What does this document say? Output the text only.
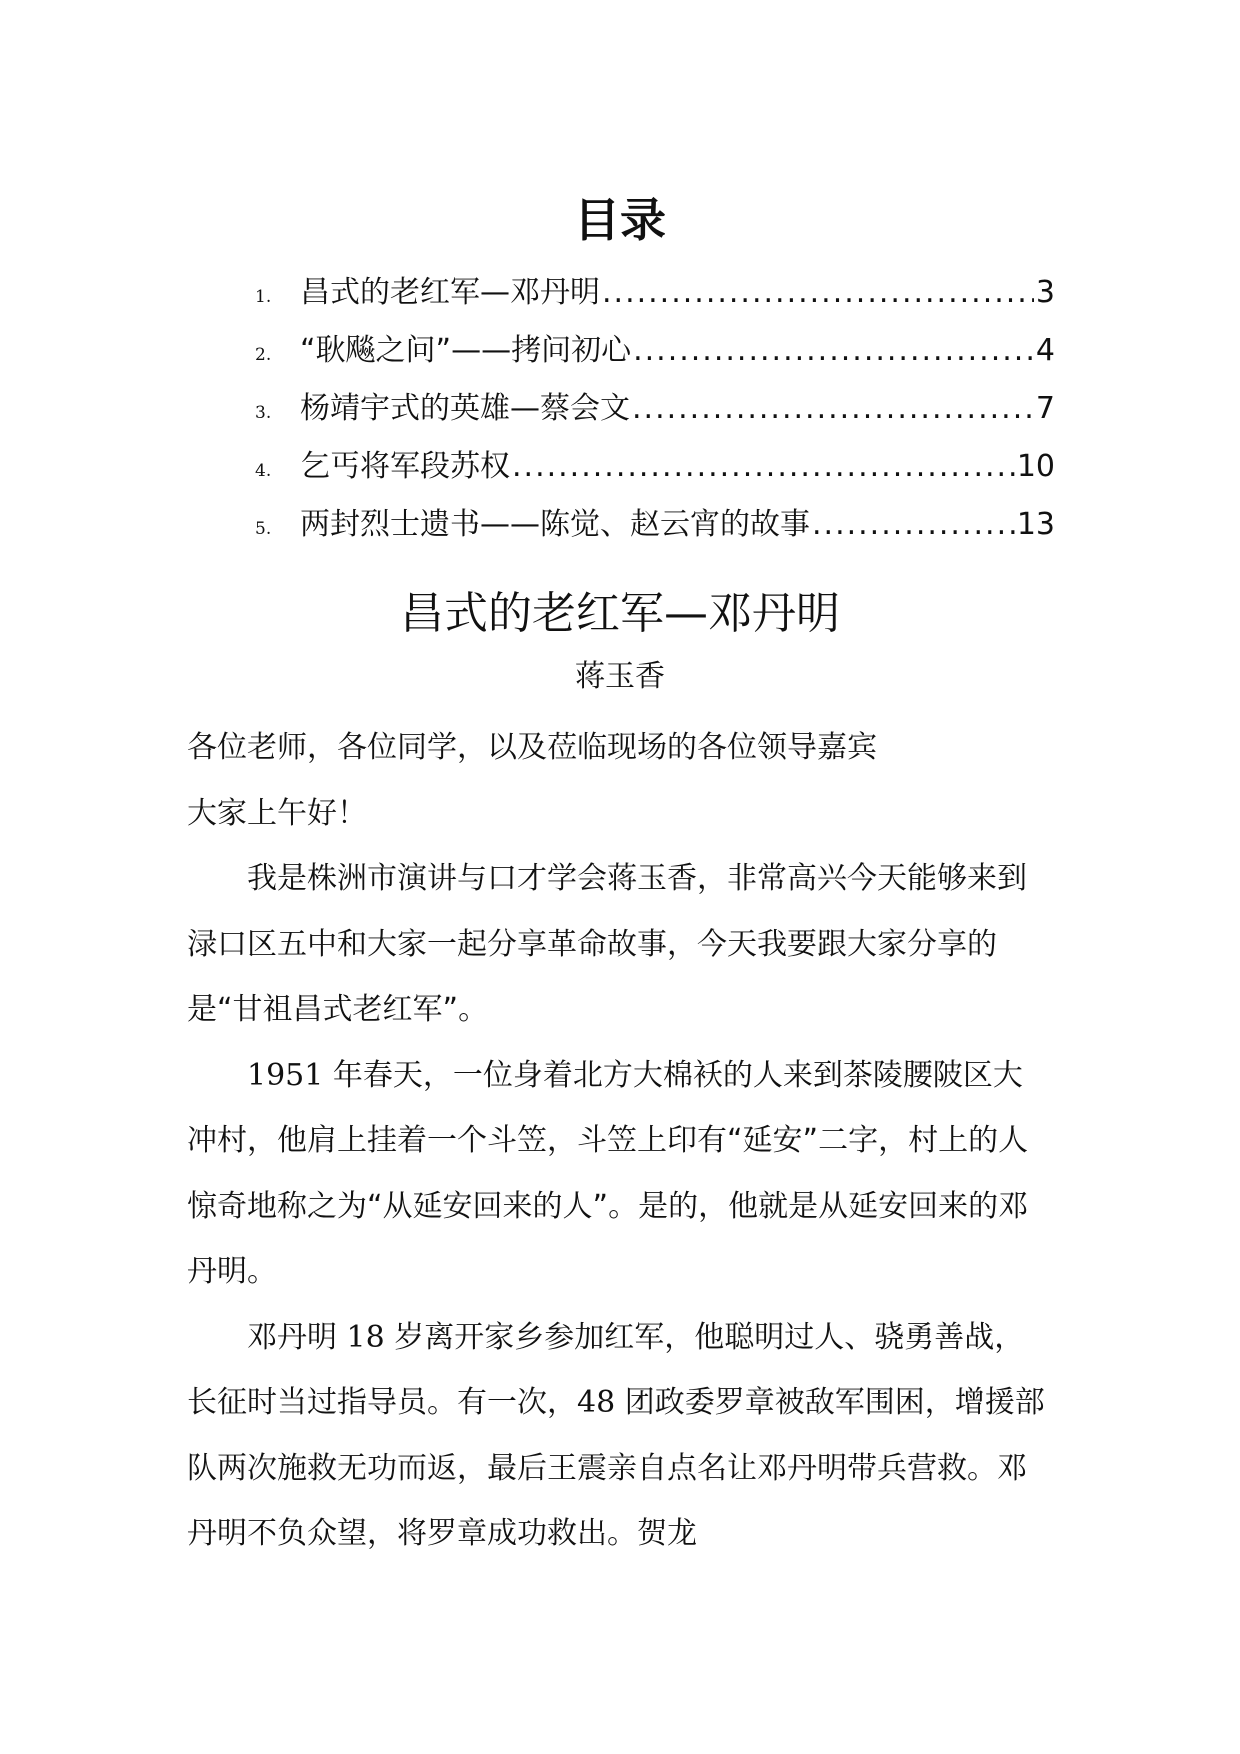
目录
1. 昌式的老红军—邓丹明 .....	3
2. “耿飚之问”——拷问初心 .....	4
3. 杨靖宇式的英雄—蔡会文 .....	7
4. 乞丐将军段苏权 .....	10
5. 两封烈士遗书——陈觉、赵云宵的故事 .....	13
昌式的老红军—邓丹明
蒋玉香

各位老师，各位同学，以及莅临现场的各位领导嘉宾

大家上午好！

我是株洲市演讲与口才学会蒋玉香，非常高兴今天能够来到渌口区五中和大家一起分享革命故事，今天我要跟大家分享的是“甘祖昌式老红军”。

1951 年春天，一位身着北方大棉袄的人来到茶陵腰陂区大冲村，他肩上挂着一个斗笠，斗笠上印有“延安”二字，村上的人惊奇地称之为“从延安回来的人”。是的，他就是从延安回来的邓丹明。

邓丹明 18 岁离开家乡参加红军，他聪明过人、骁勇善战，长征时当过指导员。有一次，48 团政委罗章被敌军围困，增援部队两次施救无功而返，最后王震亲自点名让邓丹明带兵营救。邓丹明不负众望，将罗章成功救出。贺龙
